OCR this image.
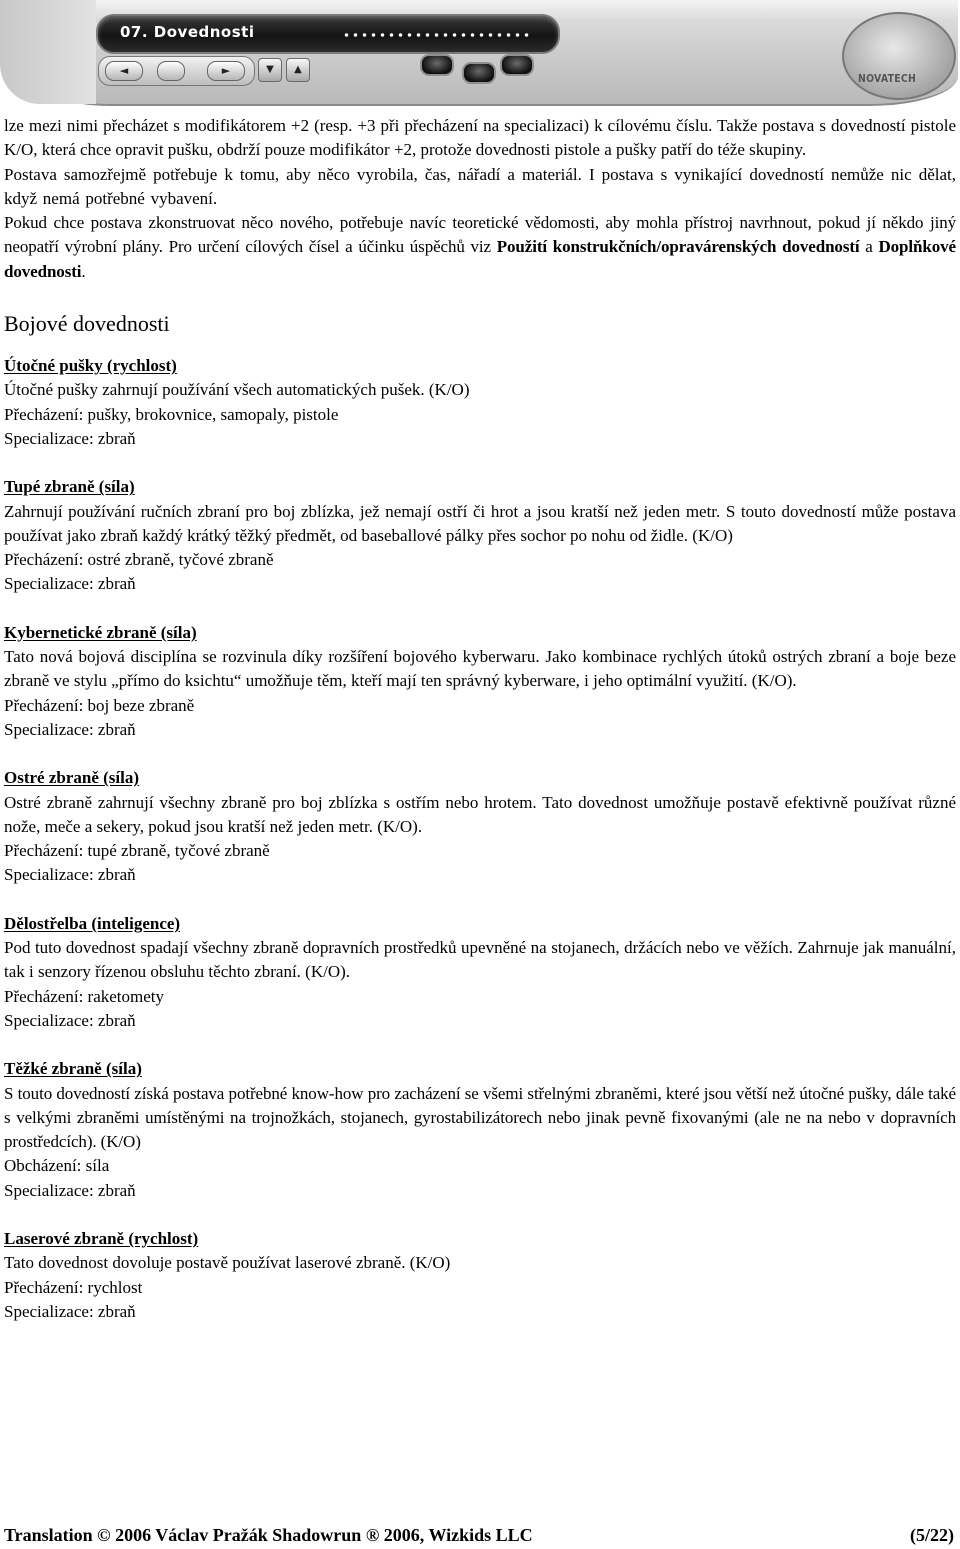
07. Dovednosti
◄	►	▼	▲
NOVATECH

lze mezi nimi přecházet s modifikátorem +2 (resp. +3 při přecházení na specializaci) k cílovému číslu. Takže postava s dovedností pistole K/O, která chce opravit pušku, obdrží pouze modifikátor +2, protože dovednosti pistole a pušky patří do téže skupiny.

Postava samozřejmě potřebuje k tomu, aby něco vyrobila, čas, nářadí a materiál. I postava s vynikající dovedností nemůže nic dělat, když nemá potřebné vybavení.

Pokud chce postava zkonstruovat něco nového, potřebuje navíc teoretické vědomosti, aby mohla přístroj navrhnout, pokud jí někdo jiný neopatří výrobní plány. Pro určení cílových čísel a účinku úspěchů viz Použití konstrukčních/opravárenských dovedností a Doplňkové dovednosti.

Bojové dovednosti

Útočné pušky (rychlost)

Útočné pušky zahrnují používání všech automatických pušek. (K/O)

Přecházení: pušky, brokovnice, samopaly, pistole

Specializace: zbraň

Tupé zbraně (síla)

Zahrnují používání ručních zbraní pro boj zblízka, jež nemají ostří či hrot a jsou kratší než jeden metr. S touto dovedností může postava používat jako zbraň každý krátký těžký předmět, od baseballové pálky přes sochor po nohu od židle. (K/O)

Přecházení: ostré zbraně, tyčové zbraně

Specializace: zbraň

Kybernetické zbraně (síla)

Tato nová bojová disciplína se rozvinula díky rozšíření bojového kyberwaru. Jako kombinace rychlých útoků ostrých zbraní a boje beze zbraně ve stylu „přímo do ksichtu“ umožňuje těm, kteří mají ten správný kyberware, i jeho optimální využití. (K/O).

Přecházení: boj beze zbraně

Specializace: zbraň

Ostré zbraně (síla)

Ostré zbraně zahrnují všechny zbraně pro boj zblízka s ostřím nebo hrotem. Tato dovednost umožňuje postavě efektivně používat různé nože, meče a sekery, pokud jsou kratší než jeden metr. (K/O).

Přecházení: tupé zbraně, tyčové zbraně

Specializace: zbraň

Dělostřelba (inteligence)

Pod tuto dovednost spadají všechny zbraně dopravních prostředků upevněné na stojanech, držácích nebo ve věžích. Zahrnuje jak manuální, tak i senzory řízenou obsluhu těchto zbraní. (K/O).

Přecházení: raketomety

Specializace: zbraň

Těžké zbraně (síla)

S touto dovedností získá postava potřebné know-how pro zacházení se všemi střelnými zbraněmi, které jsou větší než útočné pušky, dále také s velkými zbraněmi umístěnými na trojnožkách, stojanech, gyrostabilizátorech nebo jinak pevně fixovanými (ale ne na nebo v dopravních prostředcích). (K/O)

Obcházení: síla

Specializace: zbraň

Laserové zbraně (rychlost)

Tato dovednost dovoluje postavě používat laserové zbraně. (K/O)

Přecházení: rychlost

Specializace: zbraň

Translation © 2006 Václav Pražák Shadowrun ® 2006, Wizkids LLC	(5/22)
